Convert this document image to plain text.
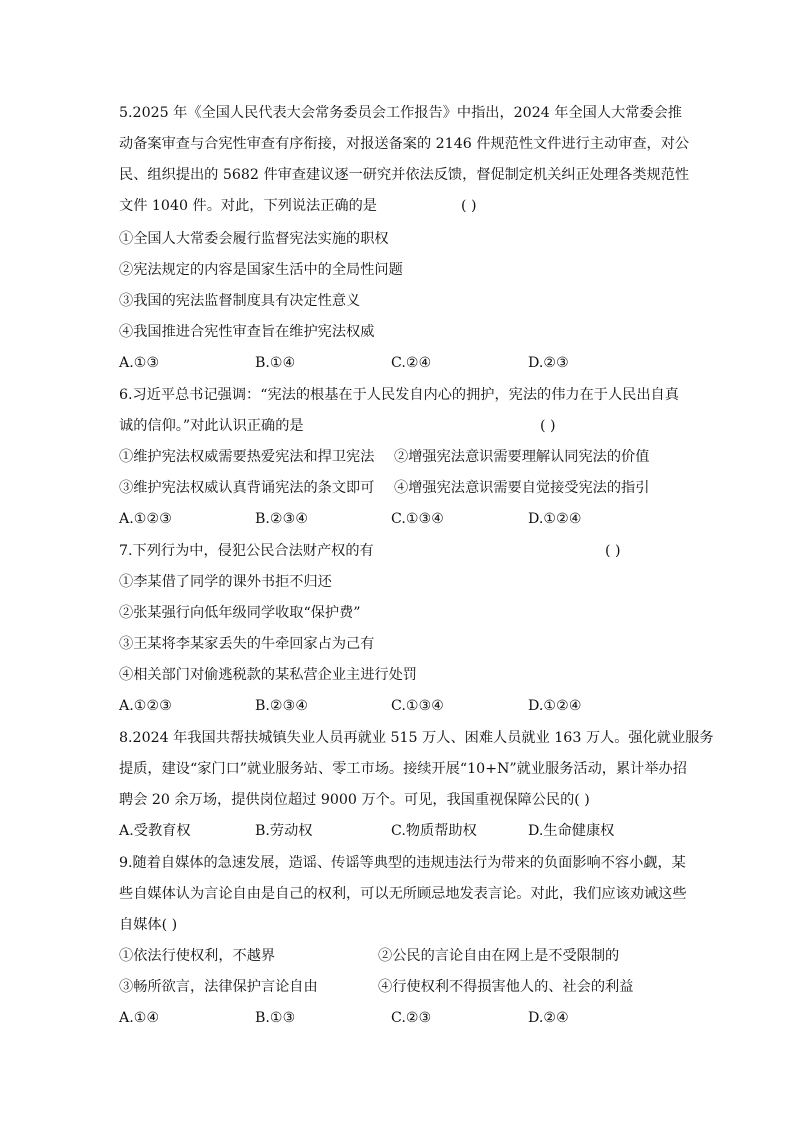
5.2025 年《全国人民代表大会常务委员会工作报告》中指出，2024 年全国人大常委会推
动备案审查与合宪性审查有序衔接，对报送备案的 2146 件规范性文件进行主动审查，对公
民、组织提出的 5682 件审查建议逐一研究并依法反馈，督促制定机关纠正处理各类规范性
文件 1040 件。对此，下列说法正确的是	( )
①全国人大常委会履行监督宪法实施的职权
②宪法规定的内容是国家生活中的全局性问题
③我国的宪法监督制度具有决定性意义
④我国推进合宪性审查旨在维护宪法权威
A.①③	B.①④	C.②④	D.②③
6.习近平总书记强调：“宪法的根基在于人民发自内心的拥护，宪法的伟力在于人民出自真
诚的信仰。”对此认识正确的是	( )
①维护宪法权威需要热爱宪法和捍卫宪法 ②增强宪法意识需要理解认同宪法的价值
③维护宪法权威认真背诵宪法的条文即可 ④增强宪法意识需要自觉接受宪法的指引
A.①②③	B.②③④	C.①③④	D.①②④
7.下列行为中，侵犯公民合法财产权的有	( )
①李某借了同学的课外书拒不归还
②张某强行向低年级同学收取“保护费”
③王某将李某家丢失的牛牵回家占为己有
④相关部门对偷逃税款的某私营企业主进行处罚
A.①②③	B.②③④	C.①③④	D.①②④
8.2024 年我国共帮扶城镇失业人员再就业 515 万人、困难人员就业 163 万人。强化就业服务
提质，建设“家门口”就业服务站、零工市场。接续开展“10+N”就业服务活动，累计举办招
聘会 20 余万场，提供岗位超过 9000 万个。可见，我国重视保障公民的( )
A.受教育权	B.劳动权	C.物质帮助权	D.生命健康权
9.随着自媒体的急速发展，造谣、传谣等典型的违规违法行为带来的负面影响不容小觑，某
些自媒体认为言论自由是自己的权利，可以无所顾忌地发表言论。对此，我们应该劝诫这些
自媒体( )
①依法行使权利，不越界	②公民的言论自由在网上是不受限制的
③畅所欲言，法律保护言论自由	④行使权利不得损害他人的、社会的利益
A.①④	B.①③	C.②③	D.②④
